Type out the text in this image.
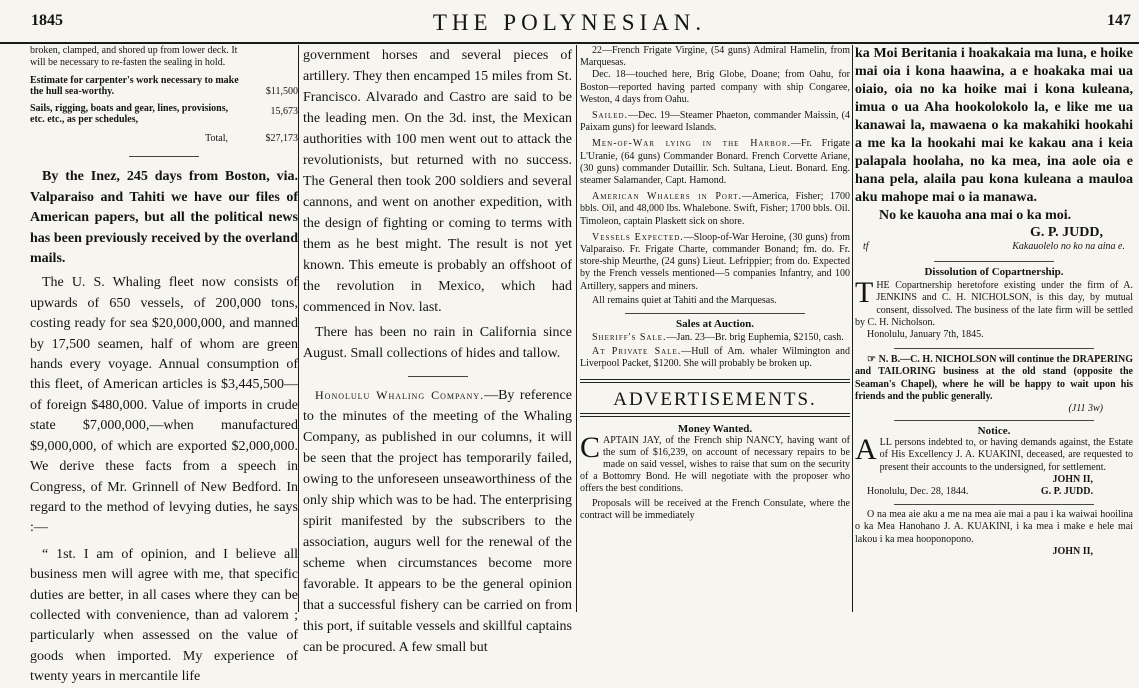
1845	THE POLYNESIAN.	147

broken, clamped, and shored up from lower deck. It

will be necessary to re-fasten the sealing in hold.

Estimate for carpenter's work necessary to make the hull sea-worthy.	$11,500
Sails, rigging, boats and gear, lines, provisions, etc. etc., as per schedules,	15,673
Total,	$27,173

By the Inez, 245 days from Boston, via. Valparaiso and Tahiti we have our files of American papers, but all the political news has been previously received by the overland mails.

The U. S. Whaling fleet now consists of upwards of 650 vessels, of 200,000 tons, costing ready for sea $20,000,000, and manned by 17,500 seamen, half of whom are green hands every voyage. Annual consumption of this fleet, of American articles is $3,445,500—of foreign $480,000. Value of imports in crude state $7,000,000,—when manufactured $9,000,000, of which are exported $2,000,000. We derive these facts from a speech in Congress, of Mr. Grinnell of New Bedford. In regard to the method of levying duties, he says :—

“ 1st. I am of opinion, and I believe all business men will agree with me, that specific duties are better, in all cases where they can be collected with convenience, than ad valorem ; particularly when assessed on the value of goods when imported. My experience of twenty years in mercantile life

government horses and several pieces of artillery. They then encamped 15 miles from St. Francisco. Alvarado and Castro are said to be the leading men. On the 3d. inst, the Mexican authorities with 100 men went out to attack the revolutionists, but returned with no success. The General then took 200 soldiers and several cannons, and went on another expedition, with the design of fighting or coming to terms with them as he best might. The result is not yet known. This emeute is probably an offshoot of the revolution in Mexico, which had commenced in Nov. last.

There has been no rain in California since August. Small collections of hides and tallow.

Honolulu Whaling Company.—By reference to the minutes of the meeting of the Whaling Company, as published in our columns, it will be seen that the project has temporarily failed, owing to the unforeseen unseaworthiness of the only ship which was to be had. The enterprising spirit manifested by the subscribers to the association, augurs well for the renewal of the scheme when circumstances become more favorable. It appears to be the general opinion that a successful fishery can be carried on from this port, if suitable vessels and skillful captains can be procured. A few small but

22—French Frigate Virgine, (54 guns) Admiral Hamelin, from Marquesas.

Dec. 18—touched here, Brig Globe, Doane; from Oahu, for Boston—reported having parted company with ship Congaree, Weston, 4 days from Oahu.

Sailed.—Dec. 19—Steamer Phaeton, commander Maissin, (4 Paixam guns) for leeward Islands.

Men-of-War lying in the Harbor.—Fr. Frigate L'Uranie, (64 guns) Commander Bonard. French Corvette Ariane, (30 guns) commander Dutaillir. Sch. Sultana, Lieut. Bonard. Eng. steamer Salamander, Capt. Hamond.

American Whalers in Port.—America, Fisher; 1700 bbls. Oil, and 48,000 lbs. Whalebone. Swift, Fisher; 1700 bbls. Oil. Timoleon, captain Plaskett sick on shore.

Vessels Expected.—Sloop-of-War Heroine, (30 guns) from Valparaiso. Fr. Frigate Charte, commander Bonand; fm. do. Fr. store-ship Meurthe, (24 guns) Lieut. Lefrippier; from do. Expected by the French vessels mentioned—5 companies Infantry, and 100 Artillery, sappers and miners.

All remains quiet at Tahiti and the Marquesas.

Sales at Auction.

Sheriff's Sale.—Jan. 23—Br. brig Euphemia, $2150, cash.

At Private Sale.—Hull of Am. whaler Wilmington and Liverpool Packet, $1200. She will probably be broken up.

ADVERTISEMENTS.

Money Wanted.

CAPTAIN JAY, of the French ship NANCY, having want of the sum of $16,239, on account of necessary repairs to be made on said vessel, wishes to raise that sum on the security of a Bottomry Bond. He will negotiate with the proposer who offers the best conditions.

Proposals will be received at the French Consulate, where the contract will be immediately

ka Moi Beritania i hoakakaia ma luna, e hoike mai oia i kona haawina, a e hoakaka mai ua oiaio, oia no ka hoike mai i kona kuleana, imua o ua Aha hookolokolo la, e like me ua kanawai la, mawaena o ka makahiki hookahi a me ka la hookahi mai ke kakau ana i keia palapala hoolaha, no ka mea, ina aole oia e hana pela, alaila pau kona kuleana a mauloa aku mahope mai o ia manawa.

No ke kauoha ana mai o ka moi.

G. P. JUDD,

tf	Kakauolelo no ko na aina e.

Dissolution of Copartnership.

THE Copartnership heretofore existing under the firm of A. JENKINS and C. H. NICHOLSON, is this day, by mutual consent, dissolved. The business of the late firm will be settled by C. H. Nicholson.

Honolulu, January 7th, 1845.

☞ N. B.—C. H. NICHOLSON will continue the DRAPERING and TAILORING business at the old stand (opposite the Seaman's Chapel), where he will be happy to wait upon his friends and the public generally.

(J11 3w)

Notice.

ALL persons indebted to, or having demands against, the Estate of His Excellency J. A. KUAKINI, deceased, are requested to present their accounts to the undersigned, for settlement.

JOHN II,

Honolulu, Dec. 28, 1844.	G. P. JUDD.

O na mea aie aku a me na mea aie mai a pau i ka waiwai hooilina o ka Mea Hanohano J. A. KUAKINI, i ka mea i make e hele mai lakou i ka mea hooponopono.

JOHN II,
